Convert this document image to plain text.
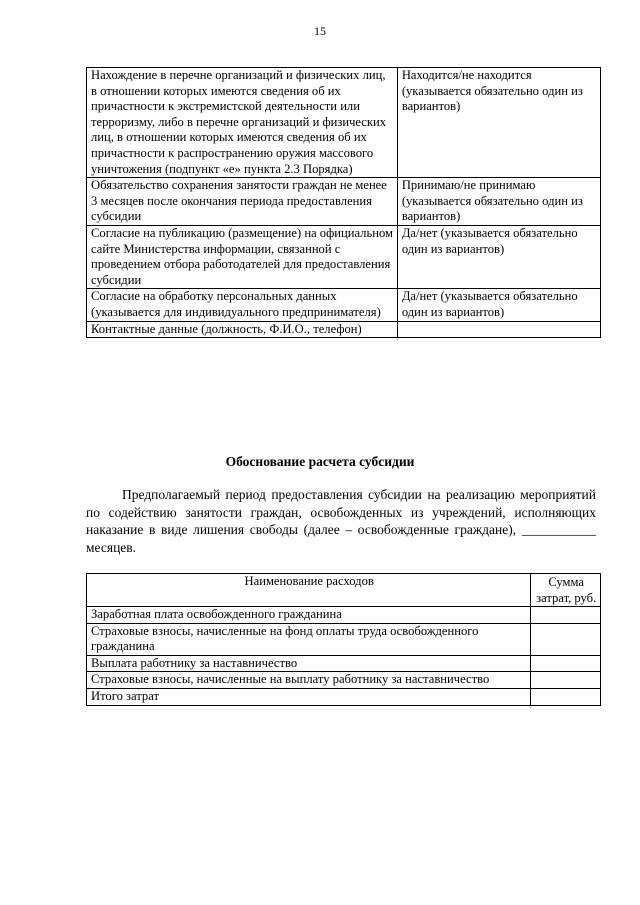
15
Нахождение в перечне организаций и физических лиц, в отношении которых имеются сведения об их причастности к экстремистской деятельности или терроризму, либо в перечне организаций и физических лиц, в отношении которых имеются сведения об их причастности к распространению оружия массового уничтожения (подпункт «е» пункта 2.3 Порядка)	Находится/не находится (указывается обязательно один из вариантов)
Обязательство сохранения занятости граждан не менее 3 месяцев после окончания периода предоставления субсидии	Принимаю/не принимаю (указывается обязательно один из вариантов)
Согласие на публикацию (размещение) на официальном сайте Министерства информации, связанной с проведением отбора работодателей для предоставления субсидии	Да/нет (указывается обязательно один из вариантов)
Согласие на обработку персональных данных (указывается для индивидуального предпринимателя)	Да/нет (указывается обязательно один из вариантов)
Контактные данные (должность, Ф.И.О., телефон)	
Обоснование расчета субсидии
Предполагаемый период предоставления субсидии на реализацию мероприятий по содействию занятости граждан, освобожденных из учреждений, исполняющих наказание в виде лишения свободы (далее – освобожденные граждане), ___________ месяцев.
Наименование расходов	Сумма затрат, руб.
Заработная плата освобожденного гражданина	
Страховые взносы, начисленные на фонд оплаты труда освобожденного гражданина	
Выплата работнику за наставничество	
Страховые взносы, начисленные на выплату работнику за наставничество	
Итого затрат	
